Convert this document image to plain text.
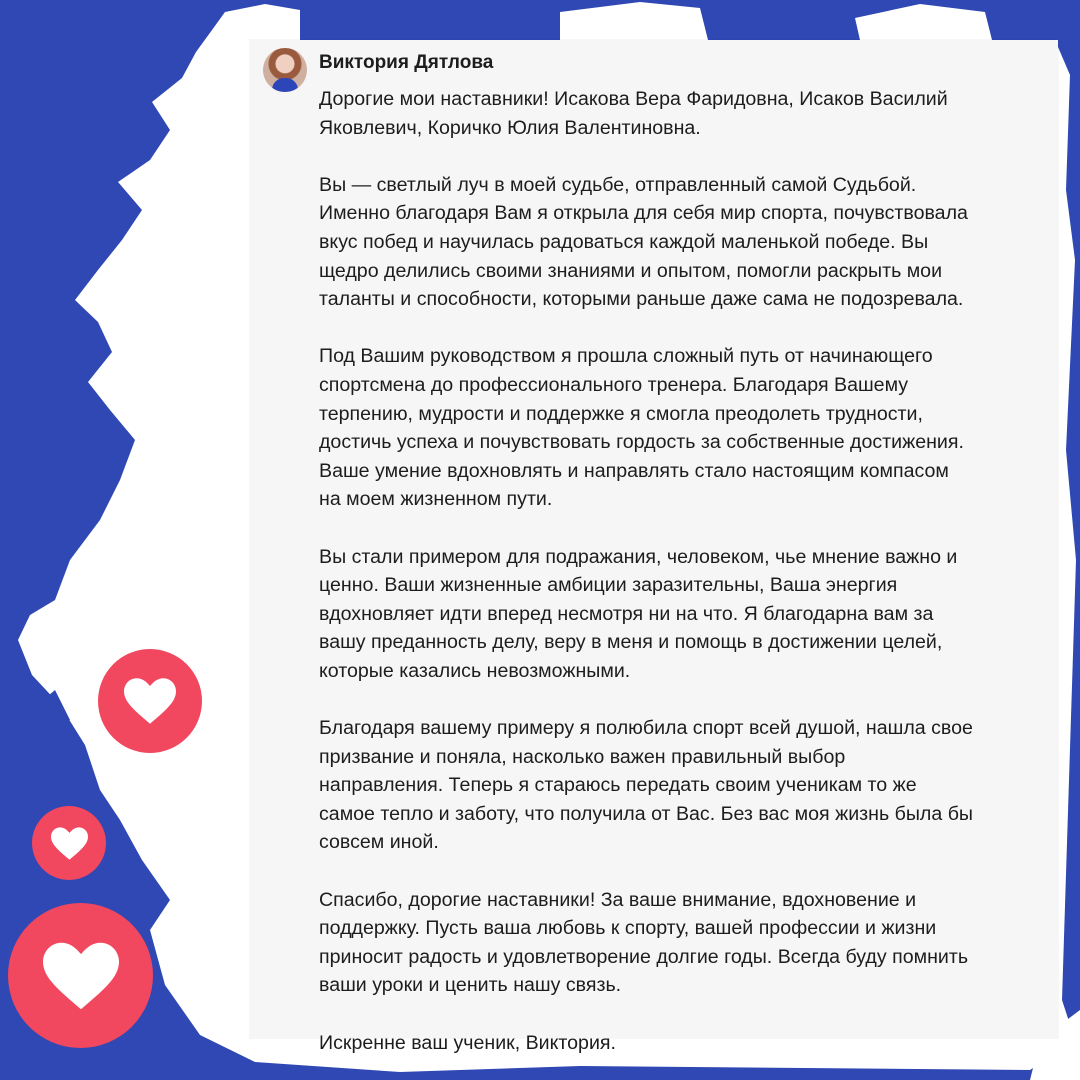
Виктория Дятлова

Дорогие мои наставники! Исакова Вера Фаридовна, Исаков Василий
Яковлевич, Коричко Юлия Валентиновна.

Вы — светлый луч в моей судьбе, отправленный самой Судьбой.
Именно благодаря Вам я открыла для себя мир спорта, почувствовала
вкус побед и научилась радоваться каждой маленькой победе. Вы
щедро делились своими знаниями и опытом, помогли раскрыть мои
таланты и способности, которыми раньше даже сама не подозревала.

Под Вашим руководством я прошла сложный путь от начинающего
спортсмена до профессионального тренера. Благодаря Вашему
терпению, мудрости и поддержке я смогла преодолеть трудности,
достичь успеха и почувствовать гордость за собственные достижения.
Ваше умение вдохновлять и направлять стало настоящим компасом
на моем жизненном пути.

Вы стали примером для подражания, человеком, чье мнение важно и
ценно. Ваши жизненные амбиции заразительны, Ваша энергия
вдохновляет идти вперед несмотря ни на что. Я благодарна вам за
вашу преданность делу, веру в меня и помощь в достижении целей,
которые казались невозможными.

Благодаря вашему примеру я полюбила спорт всей душой, нашла свое
призвание и поняла, насколько важен правильный выбор
направления. Теперь я стараюсь передать своим ученикам то же
самое тепло и заботу, что получила от Вас. Без вас моя жизнь была бы
совсем иной.

Спасибо, дорогие наставники! За ваше внимание, вдохновение и
поддержку. Пусть ваша любовь к спорту, вашей профессии и жизни
приносит радость и удовлетворение долгие годы. Всегда буду помнить
ваши уроки и ценить нашу связь.

Искренне ваш ученик, Виктория.
